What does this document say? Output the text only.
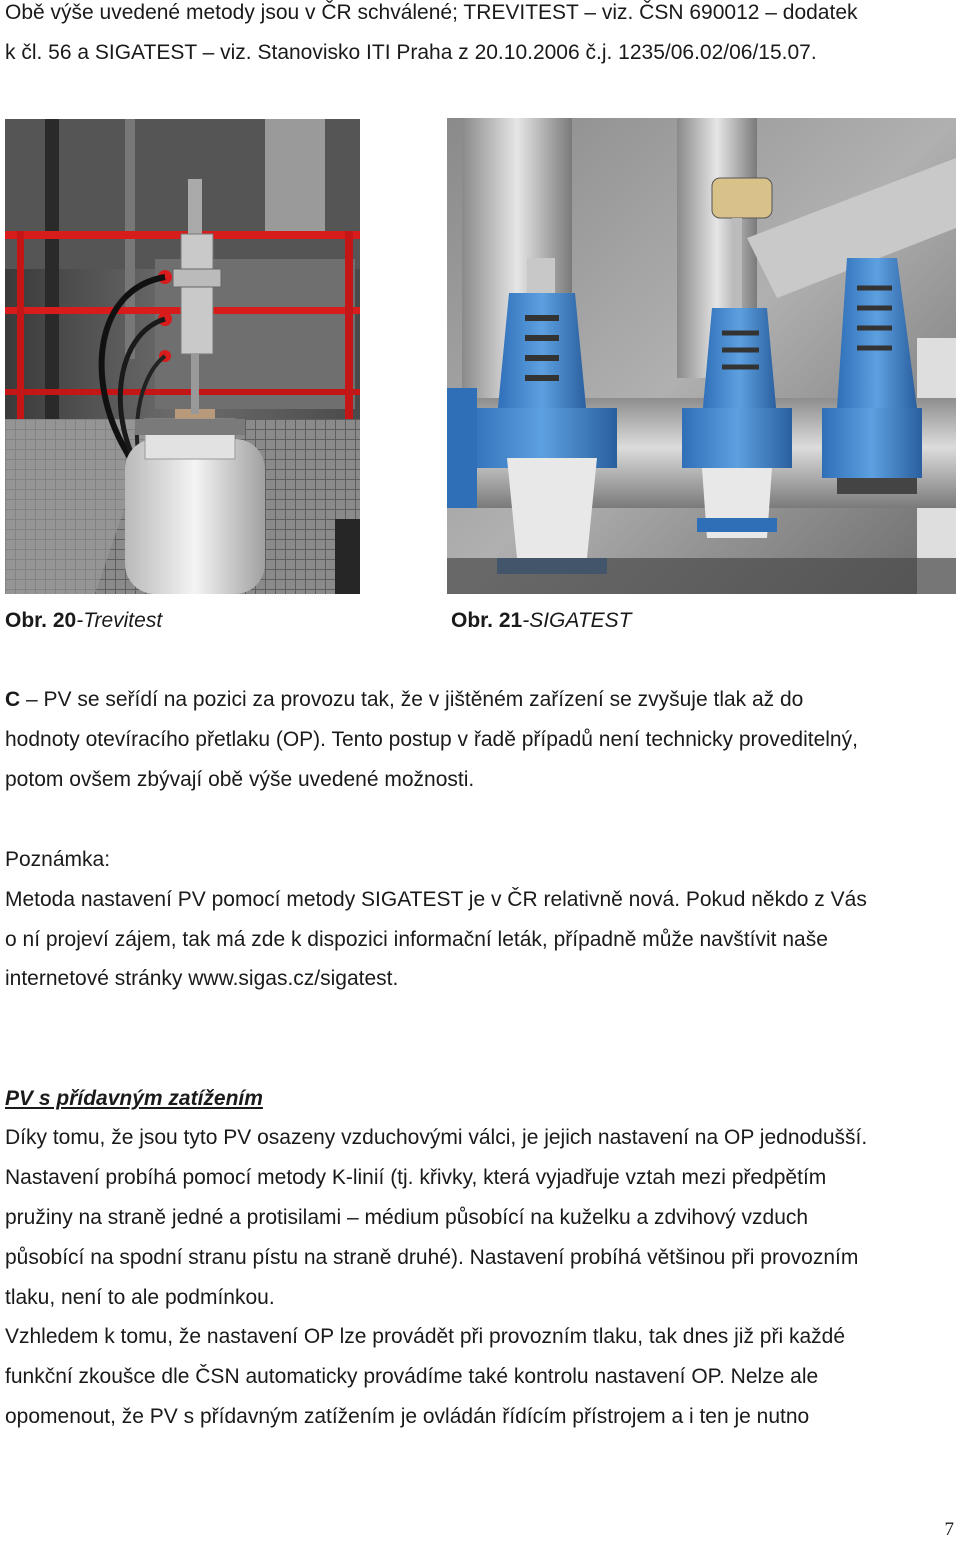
Obě výše uvedené metody jsou v ČR schválené; TREVITEST – viz. ČSN 690012 – dodatek
k čl. 56 a SIGATEST – viz. Stanovisko ITI Praha z 20.10.2006 č.j. 1235/06.02/06/15.07.
Obr. 20-Trevitest	Obr. 21-SIGATEST
C – PV se seřídí na pozici za provozu tak, že v jištěném zařízení se zvyšuje tlak až do
hodnoty otevíracího přetlaku (OP). Tento postup v řadě případů není technicky proveditelný,
potom ovšem zbývají obě výše uvedené možnosti.
Poznámka:
Metoda nastavení PV pomocí metody SIGATEST je v ČR relativně nová. Pokud někdo z Vás
o ní projeví zájem, tak má zde k dispozici informační leták, případně může navštívit naše
internetové stránky www.sigas.cz/sigatest.
PV s přídavným zatížením
Díky tomu, že jsou tyto PV osazeny vzduchovými válci, je jejich nastavení na OP jednodušší.
Nastavení probíhá pomocí metody K-linií (tj. křivky, která vyjadřuje vztah mezi předpětím
pružiny na straně jedné a protisilami – médium působící na kuželku a zdvihový vzduch
působící na spodní stranu pístu na straně druhé). Nastavení probíhá většinou při provozním
tlaku, není to ale podmínkou.
Vzhledem k tomu, že nastavení OP lze provádět při provozním tlaku, tak dnes již při každé
funkční zkoušce dle ČSN automaticky provádíme také kontrolu nastavení OP. Nelze ale
opomenout, že PV s přídavným zatížením je ovládán řídícím přístrojem a i ten je nutno
7
